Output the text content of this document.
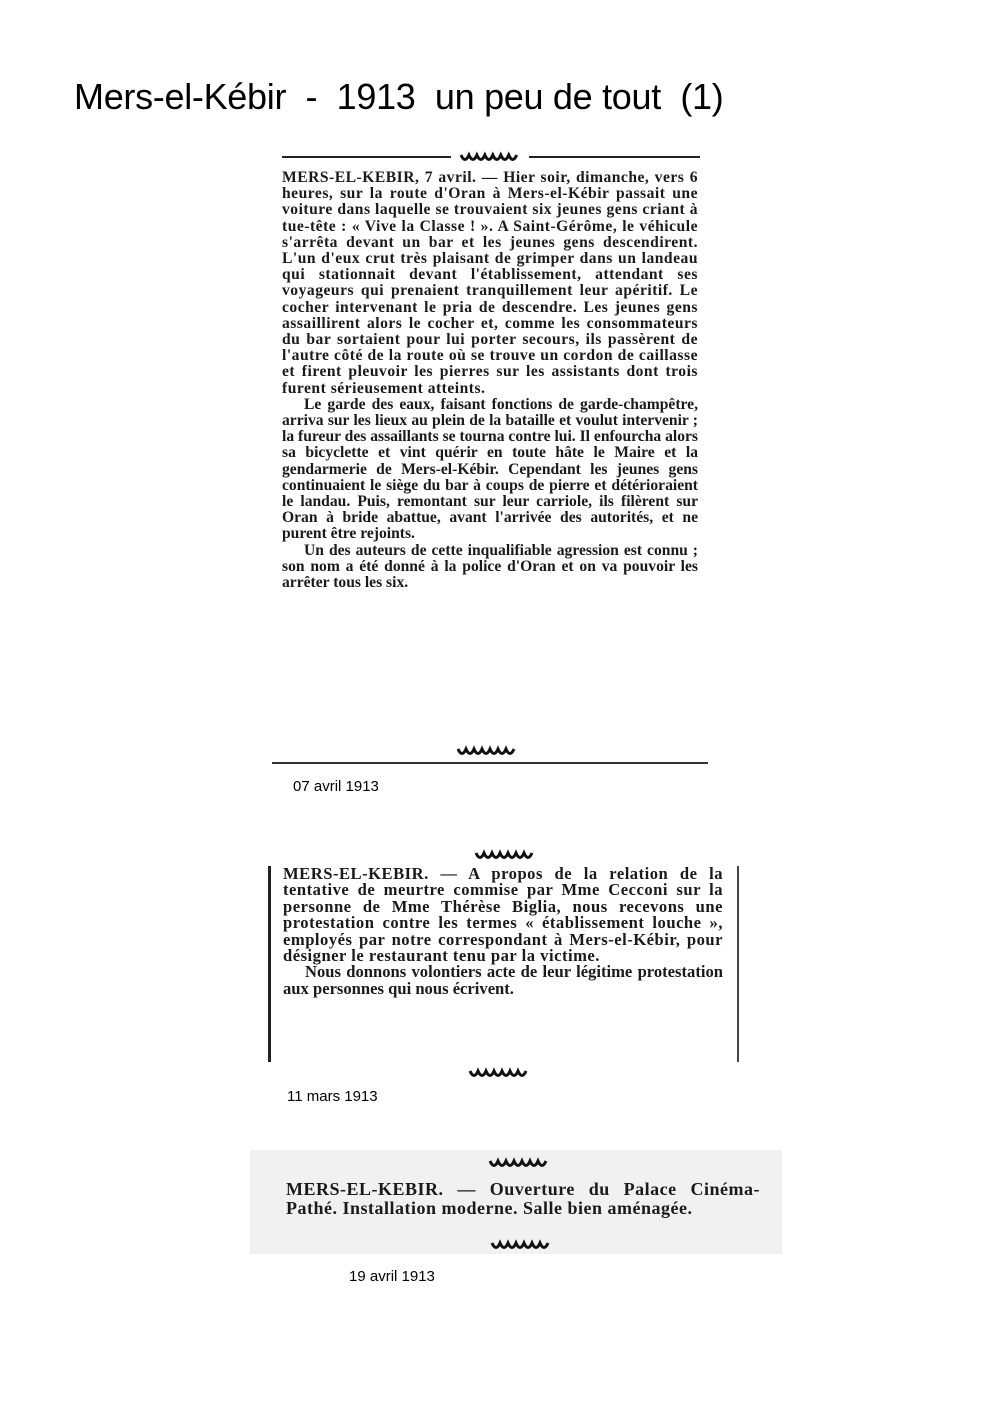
Mers-el-Kébir  -  1913  un peu de tout  (1)

MERS-EL-KEBIR, 7 avril. — Hier soir, dimanche, vers 6 heures, sur la route d'Oran à Mers-el-Kébir passait une voiture dans laquelle se trouvaient six jeunes gens criant à tue-tête : « Vive la Classe ! ». A Saint-Gérôme, le véhicule s'arrêta devant un bar et les jeunes gens descendirent. L'un d'eux crut très plaisant de grimper dans un landeau qui stationnait devant l'établissement, attendant ses voyageurs qui prenaient tranquillement leur apéritif. Le cocher intervenant le pria de descendre. Les jeunes gens assaillirent alors le cocher et, comme les consommateurs du bar sortaient pour lui porter secours, ils passèrent de l'autre côté de la route où se trouve un cordon de caillasse et firent pleuvoir les pierres sur les assistants dont trois furent sérieusement atteints.

Le garde des eaux, faisant fonctions de garde-champêtre, arriva sur les lieux au plein de la bataille et voulut intervenir ; la fureur des assaillants se tourna contre lui. Il enfourcha alors sa bicyclette et vint quérir en toute hâte le Maire et la gendarmerie de Mers-el-Kébir. Cependant les jeunes gens continuaient le siège du bar à coups de pierre et détérioraient le landau. Puis, remontant sur leur carriole, ils filèrent sur Oran à bride abattue, avant l'arrivée des autorités, et ne purent être rejoints.

Un des auteurs de cette inqualifiable agression est connu ; son nom a été donné à la police d'Oran et on va pouvoir les arrêter tous les six.

07 avril 1913

MERS-EL-KEBIR. — A propos de la relation de la tentative de meurtre commise par Mme Cecconi sur la personne de Mme Thérèse Biglia, nous recevons une protestation contre les termes « établissement louche », employés par notre correspondant à Mers-el-Kébir, pour désigner le restaurant tenu par la victime.

Nous donnons volontiers acte de leur légitime protestation aux personnes qui nous écrivent.

11 mars 1913

MERS-EL-KEBIR. — Ouverture du Palace Cinéma-Pathé. Installation moderne. Salle bien aménagée.

19 avril 1913
